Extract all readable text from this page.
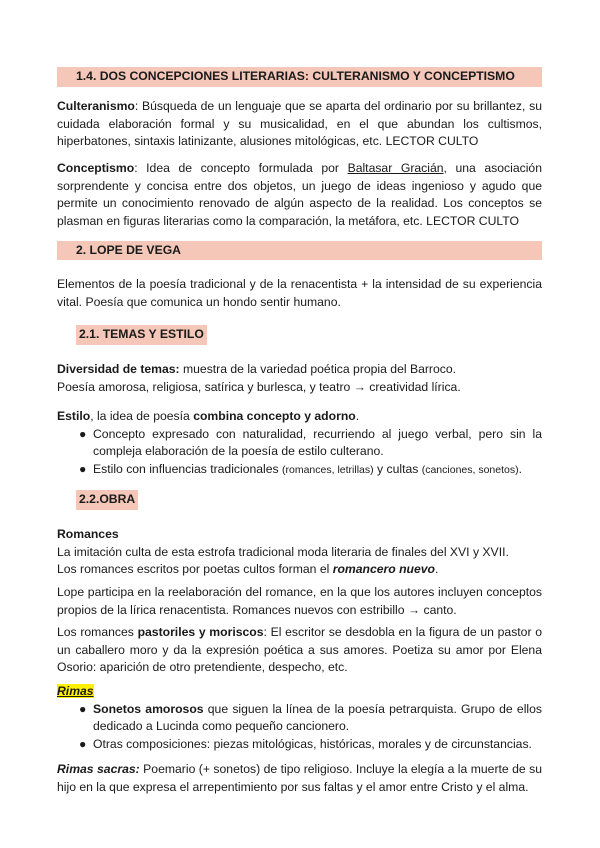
1.4. DOS CONCEPCIONES LITERARIAS: CULTERANISMO Y CONCEPTISMO

Culteranismo: Búsqueda de un lenguaje que se aparta del ordinario por su brillantez, su cuidada elaboración formal y su musicalidad, en el que abundan los cultismos, hiperbatones, sintaxis latinizante, alusiones mitológicas, etc. LECTOR CULTO

Conceptismo: Idea de concepto formulada por Baltasar Gracián, una asociación sorprendente y concisa entre dos objetos, un juego de ideas ingenioso y agudo que permite un conocimiento renovado de algún aspecto de la realidad. Los conceptos se plasman en figuras literarias como la comparación, la metáfora, etc. LECTOR CULTO

2. LOPE DE VEGA

Elementos de la poesía tradicional y de la renacentista + la intensidad de su experiencia vital. Poesía que comunica un hondo sentir humano.

2.1. TEMAS Y ESTILO

Diversidad de temas: muestra de la variedad poética propia del Barroco.

Poesía amorosa, religiosa, satírica y burlesca, y teatro → creatividad lírica.

Estilo, la idea de poesía combina concepto y adorno.

● Concepto expresado con naturalidad, recurriendo al juego verbal, pero sin la compleja elaboración de la poesía de estilo culterano.
● Estilo con influencias tradicionales (romances, letrillas) y cultas (canciones, sonetos).
2.2.OBRA

Romances

La imitación culta de esta estrofa tradicional moda literaria de finales del XVI y XVII.

Los romances escritos por poetas cultos forman el romancero nuevo.

Lope participa en la reelaboración del romance, en la que los autores incluyen conceptos propios de la lírica renacentista. Romances nuevos con estribillo → canto.

Los romances pastoriles y moriscos: El escritor se desdobla en la figura de un pastor o un caballero moro y da la expresión poética a sus amores. Poetiza su amor por Elena Osorio: aparición de otro pretendiente, despecho, etc.

Rimas

● Sonetos amorosos que siguen la línea de la poesía petrarquista. Grupo de ellos dedicado a Lucinda como pequeño cancionero.
● Otras composiciones: piezas mitológicas, históricas, morales y de circunstancias.

Rimas sacras: Poemario (+ sonetos) de tipo religioso. Incluye la elegía a la muerte de su hijo en la que expresa el arrepentimiento por sus faltas y el amor entre Cristo y el alma.
